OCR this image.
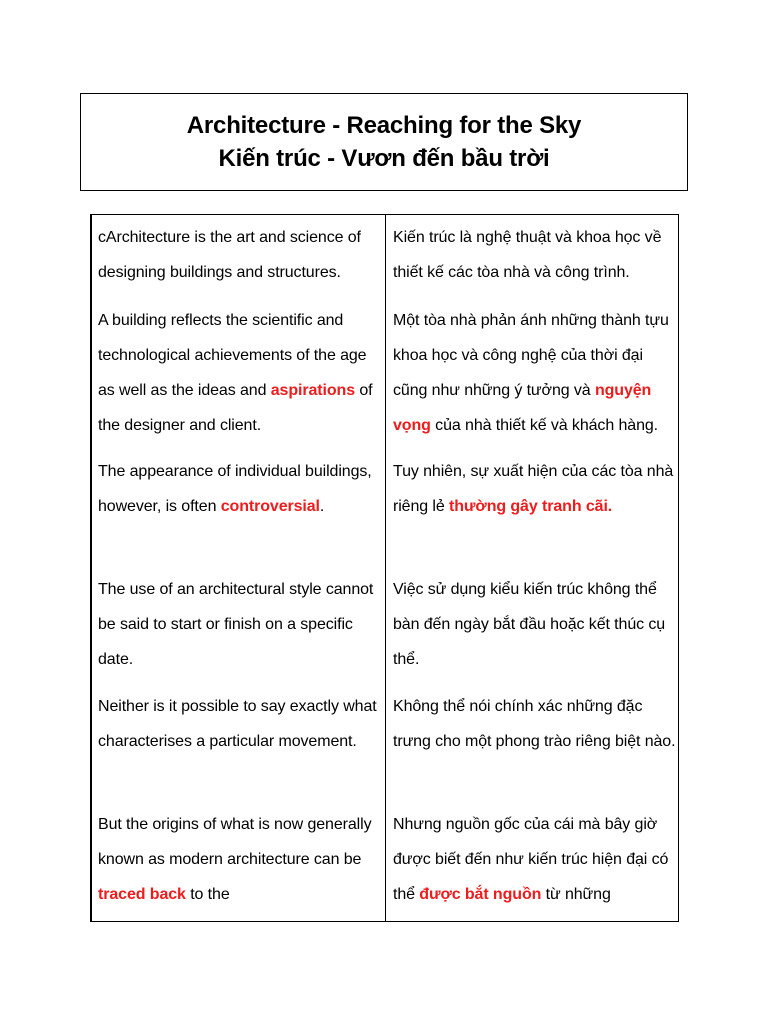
Architecture - Reaching for the Sky
Kiến trúc - Vươn đến bầu trời
cArchitecture is the art and science of designing buildings and structures.
A building reflects the scientific and technological achievements of the age as well as the ideas and aspirations of the designer and client.
The appearance of individual buildings, however, is often controversial.
The use of an architectural style cannot be said to start or finish on a specific date.
Neither is it possible to say exactly what characterises a particular movement.
But the origins of what is now generally known as modern architecture can be traced back to the
Kiến trúc là nghệ thuật và khoa học về thiết kế các tòa nhà và công trình.
Một tòa nhà phản ánh những thành tựu khoa học và công nghệ của thời đại cũng như những ý tưởng và nguyện vọng của nhà thiết kế và khách hàng.
Tuy nhiên, sự xuất hiện của các tòa nhà riêng lẻ thường gây tranh cãi.
Việc sử dụng kiểu kiến trúc không thể bàn đến ngày bắt đầu hoặc kết thúc cụ thể.
Không thể nói chính xác những đặc trưng cho một phong trào riêng biệt nào.
Nhưng nguồn gốc của cái mà bây giờ được biết đến như kiến trúc hiện đại có thể được bắt nguồn từ những
